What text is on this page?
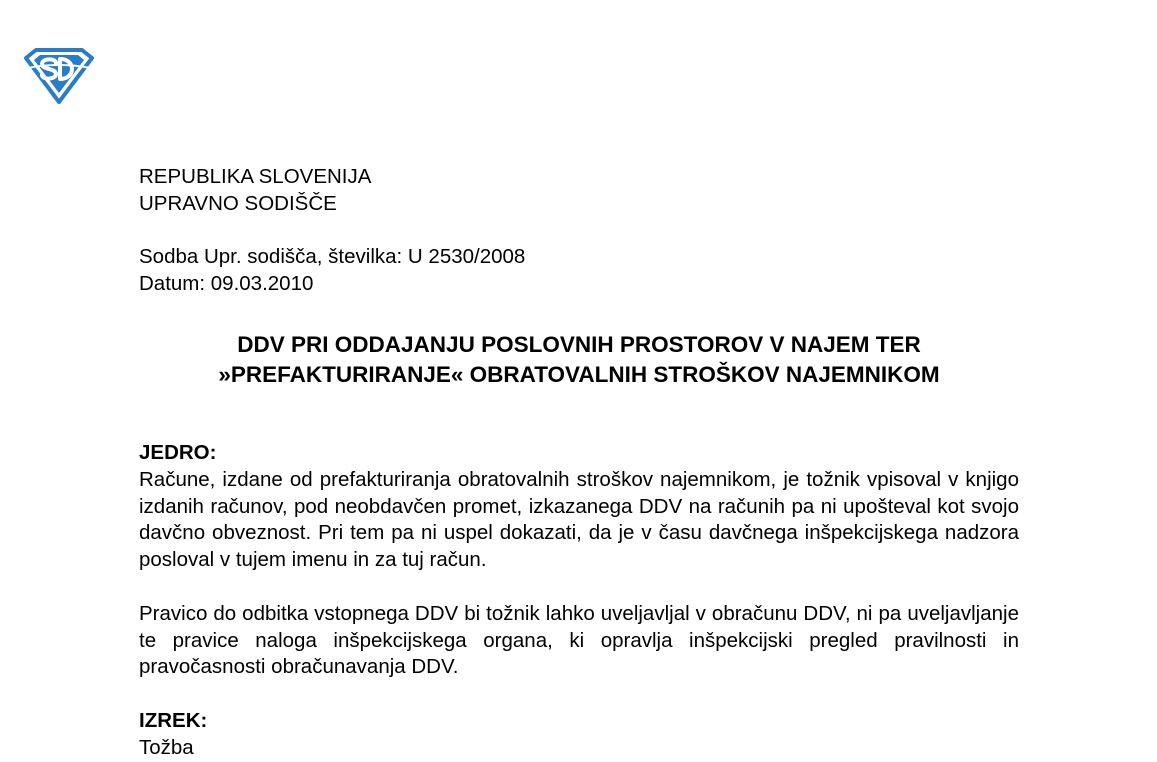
REPUBLIKA SLOVENIJA
UPRAVNO SODIŠČE
Sodba Upr. sodišča, številka: U 2530/2008
Datum: 09.03.2010
DDV PRI ODDAJANJU POSLOVNIH PROSTOROV V NAJEM TER
»PREFAKTURIRANJE« OBRATOVALNIH STROŠKOV NAJEMNIKOM
JEDRO:

Račune, izdane od prefakturiranja obratovalnih stroškov najemnikom, je tožnik vpisoval v knjigo izdanih računov, pod neobdavčen promet, izkazanega DDV na računih pa ni upošteval kot svojo davčno obveznost. Pri tem pa ni uspel dokazati, da je v času davčnega inšpekcijskega nadzora posloval v tujem imenu in za tuj račun.

Pravico do odbitka vstopnega DDV bi tožnik lahko uveljavljal v obračunu DDV, ni pa uveljavljanje te pravice naloga inšpekcijskega organa, ki opravlja inšpekcijski pregled pravilnosti in pravočasnosti obračunavanja DDV.

IZREK:
Tožba
